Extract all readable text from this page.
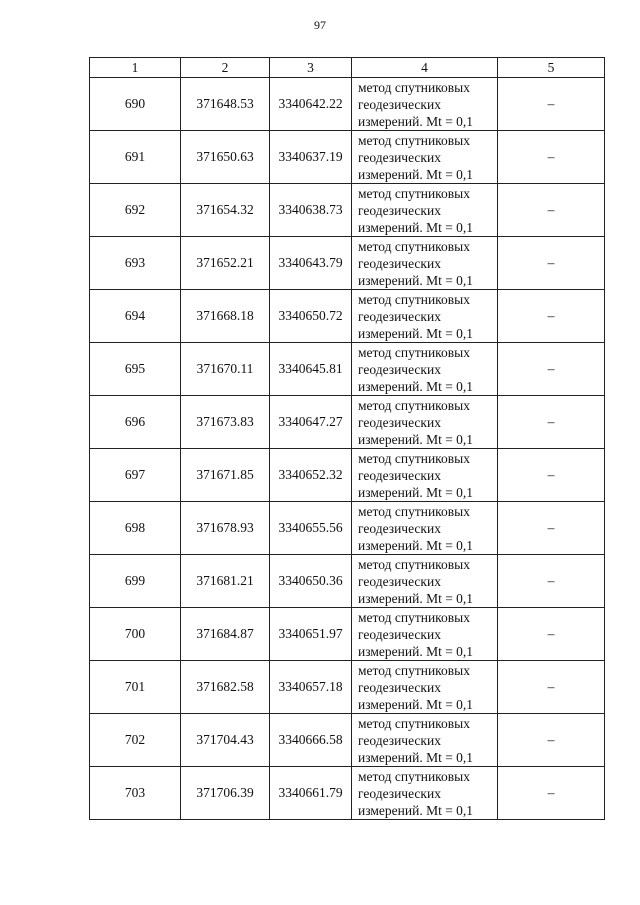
97
1	2	3	4	5
690	371648.53	3340642.22	метод спутниковых
геодезических
измерений. Mt = 0,1	–
691	371650.63	3340637.19	метод спутниковых
геодезических
измерений. Mt = 0,1	–
692	371654.32	3340638.73	метод спутниковых
геодезических
измерений. Mt = 0,1	–
693	371652.21	3340643.79	метод спутниковых
геодезических
измерений. Mt = 0,1	–
694	371668.18	3340650.72	метод спутниковых
геодезических
измерений. Mt = 0,1	–
695	371670.11	3340645.81	метод спутниковых
геодезических
измерений. Mt = 0,1	–
696	371673.83	3340647.27	метод спутниковых
геодезических
измерений. Mt = 0,1	–
697	371671.85	3340652.32	метод спутниковых
геодезических
измерений. Mt = 0,1	–
698	371678.93	3340655.56	метод спутниковых
геодезических
измерений. Mt = 0,1	–
699	371681.21	3340650.36	метод спутниковых
геодезических
измерений. Mt = 0,1	–
700	371684.87	3340651.97	метод спутниковых
геодезических
измерений. Mt = 0,1	–
701	371682.58	3340657.18	метод спутниковых
геодезических
измерений. Mt = 0,1	–
702	371704.43	3340666.58	метод спутниковых
геодезических
измерений. Mt = 0,1	–
703	371706.39	3340661.79	метод спутниковых
геодезических
измерений. Mt = 0,1	–
